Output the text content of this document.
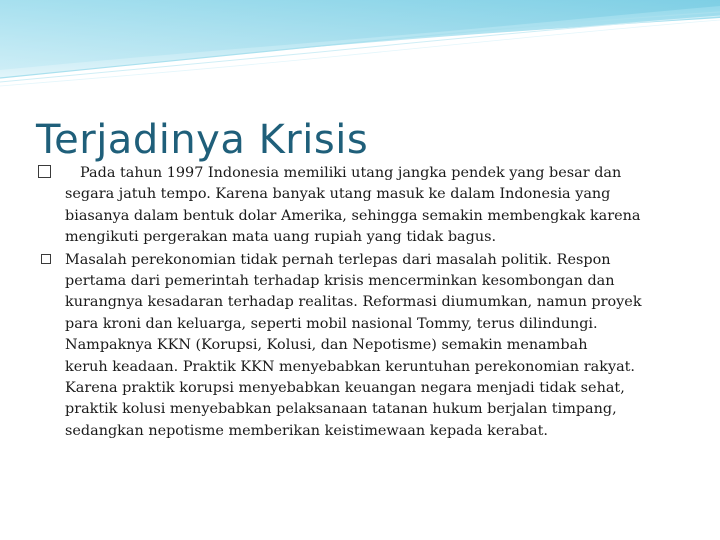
Terjadinya Krisis

Pada tahun 1997 Indonesia memiliki utang jangka pendek yang besar dan
segara jatuh tempo. Karena banyak utang masuk ke dalam Indonesia yang
biasanya dalam bentuk dolar Amerika, sehingga semakin membengkak karena
mengikuti pergerakan mata uang rupiah yang tidak bagus.

Masalah perekonomian tidak pernah terlepas dari masalah politik. Respon
pertama dari pemerintah terhadap krisis mencerminkan kesombongan dan
kurangnya kesadaran terhadap realitas. Reformasi diumumkan, namun proyek
para kroni dan keluarga, seperti mobil nasional Tommy, terus dilindungi.
Nampaknya KKN (Korupsi, Kolusi, dan Nepotisme) semakin menambah
keruh keadaan. Praktik KKN menyebabkan keruntuhan perekonomian rakyat.
Karena praktik korupsi menyebabkan keuangan negara menjadi tidak sehat,
praktik kolusi menyebabkan pelaksanaan tatanan hukum berjalan timpang,
sedangkan nepotisme memberikan keistimewaan kepada kerabat.
